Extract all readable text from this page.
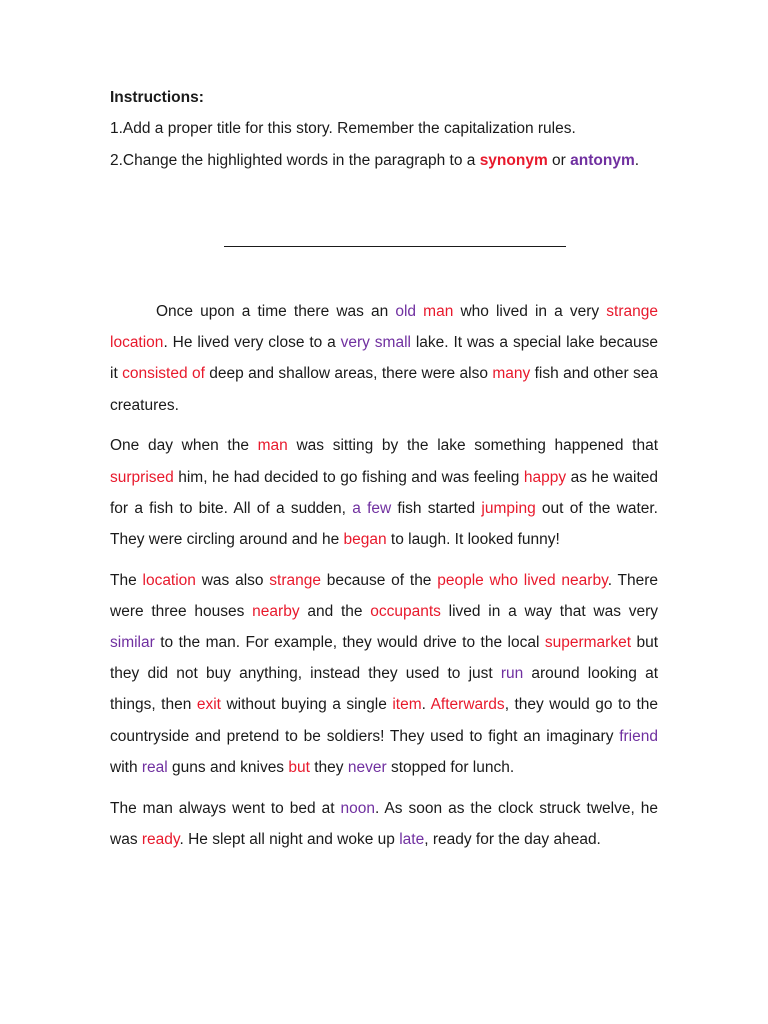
Instructions:
1.Add a proper title for this story. Remember the capitalization rules.
2.Change the highlighted words in the paragraph to a synonym or antonym.

Once upon a time there was an old man who lived in a very strange location. He lived very close to a very small lake. It was a special lake because it consisted of deep and shallow areas, there were also many fish and other sea creatures.

One day when the man was sitting by the lake something happened that surprised him, he had decided to go fishing and was feeling happy as he waited for a fish to bite. All of a sudden, a few fish started jumping out of the water. They were circling around and he began to laugh. It looked funny!

The location was also strange because of the people who lived nearby. There were three houses nearby and the occupants lived in a way that was very similar to the man. For example, they would drive to the local supermarket but they did not buy anything, instead they used to just run around looking at things, then exit without buying a single item. Afterwards, they would go to the countryside and pretend to be soldiers! They used to fight an imaginary friend with real guns and knives but they never stopped for lunch.

The man always went to bed at noon. As soon as the clock struck twelve, he was ready. He slept all night and woke up late, ready for the day ahead.
